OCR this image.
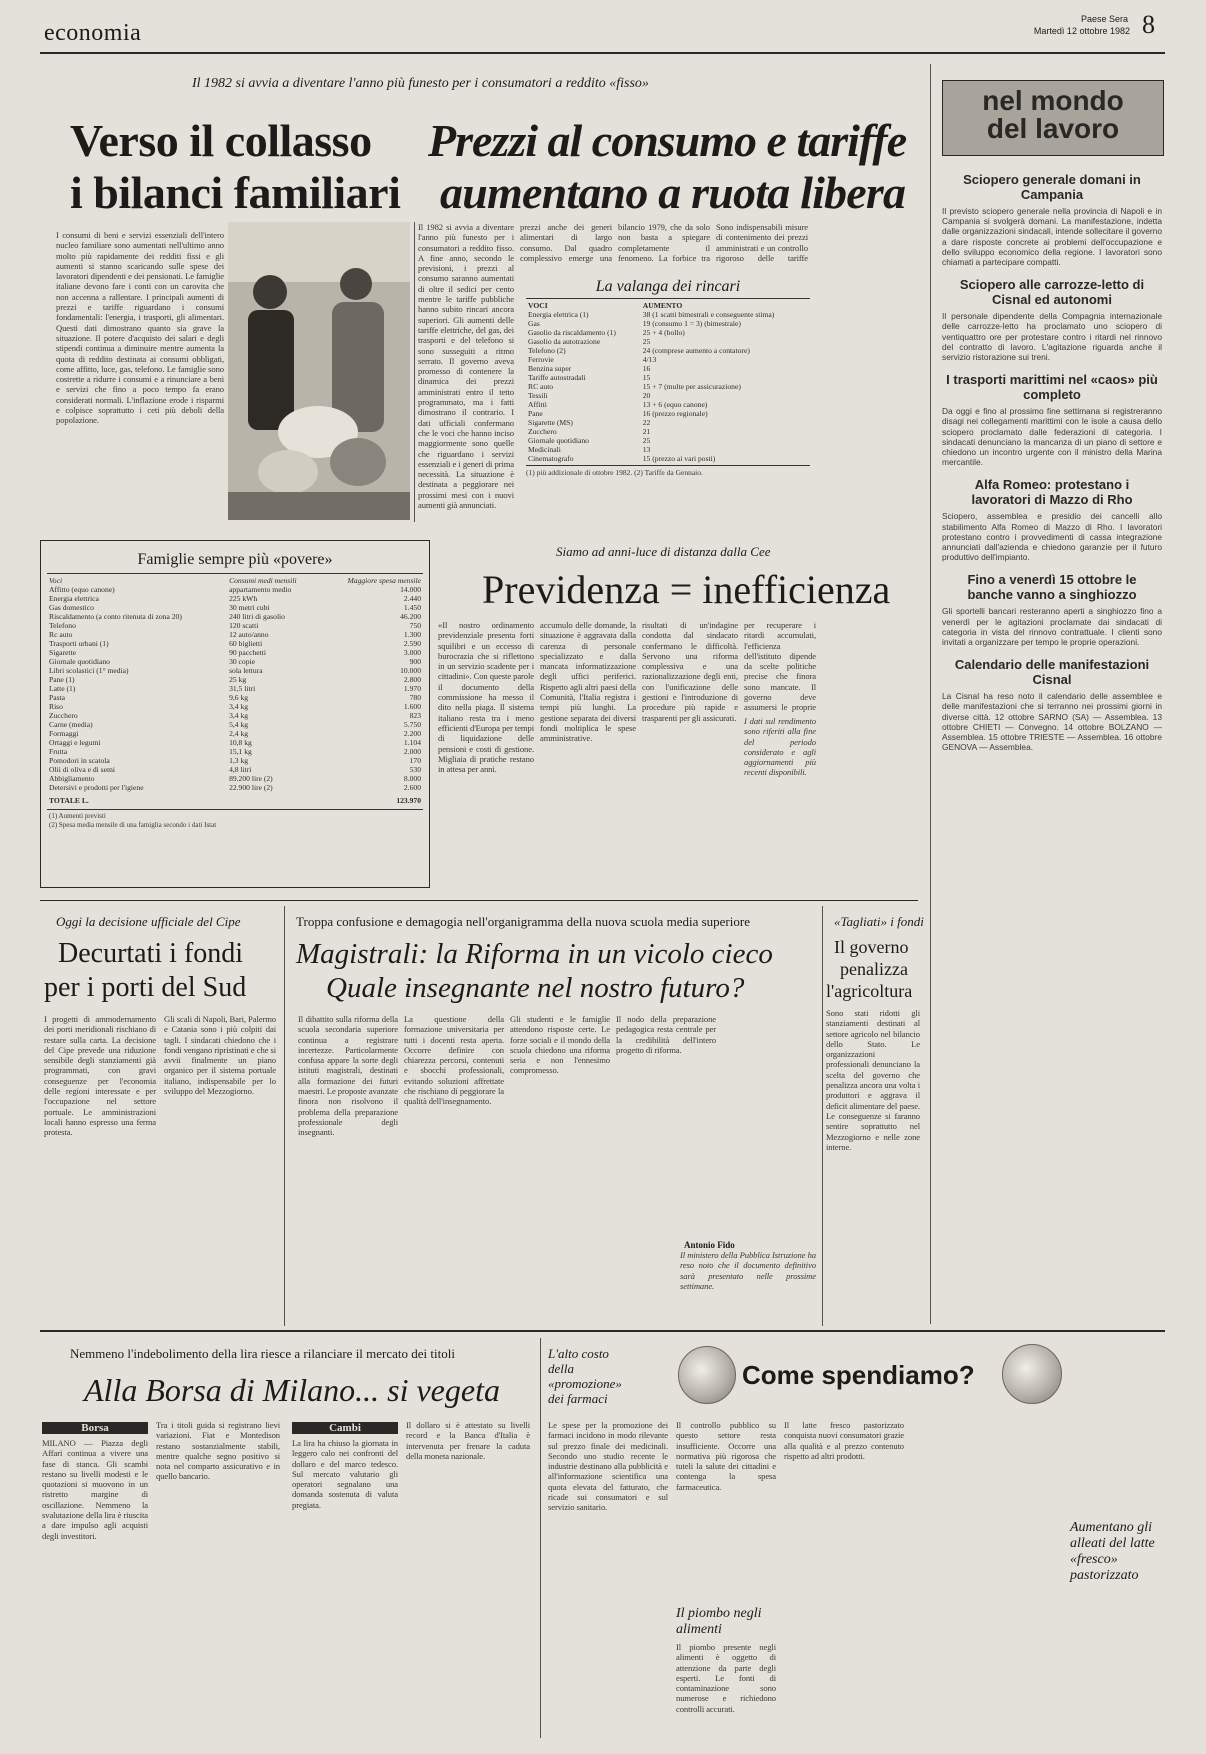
economia
Paese Sera
Martedì 12 ottobre 1982 8
Il 1982 si avvia a diventare l'anno più funesto per i consumatori a reddito «fisso»
Verso il collasso
i bilanci familiari
Prezzi al consumo e tariffe
aumentano a ruota libera
I consumi di beni e servizi essenziali dell'intero nucleo familiare sono aumentati nell'ultimo anno molto più rapidamente dei redditi fissi e gli aumenti si stanno scaricando sulle spese dei lavoratori dipendenti e dei pensionati. Le famiglie italiane devono fare i conti con un carovita che non accenna a rallentare. I principali aumenti di prezzi e tariffe riguardano i consumi fondamentali: l'energia, i trasporti, gli alimentari. Questi dati dimostrano quanto sia grave la situazione. Il potere d'acquisto dei salari e degli stipendi continua a diminuire mentre aumenta la quota di reddito destinata ai consumi obbligati, come affitto, luce, gas, telefono. Le famiglie sono costrette a ridurre i consumi e a rinunciare a beni e servizi che fino a poco tempo fa erano considerati normali. L'inflazione erode i risparmi e colpisce soprattutto i ceti più deboli della popolazione.
Il 1982 si avvia a diventare l'anno più funesto per i consumatori a reddito fisso. A fine anno, secondo le previsioni, i prezzi al consumo saranno aumentati di oltre il sedici per cento mentre le tariffe pubbliche hanno subito rincari ancora superiori. Gli aumenti delle tariffe elettriche, del gas, dei trasporti e del telefono si sono susseguiti a ritmo serrato. Il governo aveva promesso di contenere la dinamica dei prezzi amministrati entro il tetto programmato, ma i fatti dimostrano il contrario. I dati ufficiali confermano che le voci che hanno inciso maggiormente sono quelle che riguardano i servizi essenziali e i generi di prima necessità. La situazione è destinata a peggiorare nei prossimi mesi con i nuovi aumenti già annunciati.
prezzi anche dei generi alimentari di largo consumo. Dal quadro complessivo emerge una
bilancio 1979, che da solo non basta a spiegare completamente il fenomeno. La forbice tra
Sono indispensabili misure di contenimento dei prezzi amministrati e un controllo rigoroso delle tariffe
La valanga dei rincari
VOCI	AUMENTO
Energia elettrica (1)	38 (1 scatti bimestrali e conseguente stima)
Gas	19 (consumo 1 = 3) (bimestrale)
Gasolio da riscaldamento (1)	25 + 4 (bollo)
Gasolio da autotrazione	25
Telefono (2)	24 (comprese aumento a contatore)
Ferrovie	4/13
Benzina super	16
Tariffe autostradali	15
RC auto	15 + 7 (multe per assicurazione)
Tessili	20
Affitti	13 + 6 (equo canone)
Pane	16 (prezzo regionale)
Sigarette (MS)	22
Zucchero	21
Giornale quotidiano	25
Medicinali	13
Cinematografo	15 (prezzo ai vari posti)
(1) più addizionale di ottobre 1982. (2) Tariffe da Gennaio.
Famiglie sempre più «povere»
Voci	Consumi medi mensili	Maggiore spesa mensile
Affitto (equo canone)	appartamento medio	14.000
Energia elettrica	225 kWh	2.440
Gas domestico	30 metri cubi	1.450
Riscaldamento (a conto ritenuta di zona 20)	240 litri di gasolio	46.200
Telefono	120 scatti	750
Rc auto	12 auto/anno	1.300
Trasporti urbani (1)	60 biglietti	2.590
Sigarette	90 pacchetti	3.000
Giornale quotidiano	30 copie	900
Libri scolastici (1° media)	sola lettura	10.000
Pane (1)	25 kg	2.800
Latte (1)	31,5 litri	1.970
Pasta	9,6 kg	780
Riso	3,4 kg	1.600
Zucchero	3,4 kg	823
Carne (media)	5,4 kg	5.750
Formaggi	2,4 kg	2.200
Ortaggi e legumi	10,8 kg	1.104
Frutta	15,1 kg	2.000
Pomodori in scatola	1,3 kg	170
Olii di oliva e di semi	4,8 litri	530
Abbigliamento	89.200 lire (2)	8.000
Detersivi e prodotti per l'igiene	22.900 lire (2)	2.600
TOTALE L.		123.970
(1) Aumenti previsti
(2) Spesa media mensile di una famiglia secondo i dati Istat
Siamo ad anni-luce di distanza dalla Cee
Previdenza = inefficienza
«Il nostro ordinamento previdenziale presenta forti squilibri e un eccesso di burocrazia che si riflettono in un servizio scadente per i cittadini». Con queste parole il documento della commissione ha messo il dito nella piaga. Il sistema italiano resta tra i meno efficienti d'Europa per tempi di liquidazione delle pensioni e costi di gestione. Migliaia di pratiche restano in attesa per anni.
accumulo delle domande, la situazione è aggravata dalla carenza di personale specializzato e dalla mancata informatizzazione degli uffici periferici. Rispetto agli altri paesi della Comunità, l'Italia registra i tempi più lunghi. La gestione separata dei diversi fondi moltiplica le spese amministrative.
risultati di un'indagine condotta dal sindacato confermano le difficoltà. Servono una riforma complessiva e una razionalizzazione degli enti, con l'unificazione delle gestioni e l'introduzione di procedure più rapide e trasparenti per gli assicurati.
per recuperare i ritardi accumulati, l'efficienza dell'istituto dipende da scelte politiche precise che finora sono mancate. Il governo deve assumersi le proprie
I dati sul rendimento sono riferiti alla fine del periodo considerato e agli aggiornamenti più recenti disponibili.
Oggi la decisione ufficiale del Cipe
Decurtati i fondi
per i porti del Sud
I progetti di ammodernamento dei porti meridionali rischiano di restare sulla carta. La decisione del Cipe prevede una riduzione sensibile degli stanziamenti già programmati, con gravi conseguenze per l'economia delle regioni interessate e per l'occupazione nel settore portuale. Le amministrazioni locali hanno espresso una ferma protesta.
Gli scali di Napoli, Bari, Palermo e Catania sono i più colpiti dai tagli. I sindacati chiedono che i fondi vengano ripristinati e che si avvii finalmente un piano organico per il sistema portuale italiano, indispensabile per lo sviluppo del Mezzogiorno.
Troppa confusione e demagogia nell'organigramma della nuova scuola media superiore
Magistrali: la Riforma in un vicolo cieco
Quale insegnante nel nostro futuro?
Il dibattito sulla riforma della scuola secondaria superiore continua a registrare incertezze. Particolarmente confusa appare la sorte degli istituti magistrali, destinati alla formazione dei futuri maestri. Le proposte avanzate finora non risolvono il problema della preparazione professionale degli insegnanti.
La questione della formazione universitaria per tutti i docenti resta aperta. Occorre definire con chiarezza percorsi, contenuti e sbocchi professionali, evitando soluzioni affrettate che rischiano di peggiorare la qualità dell'insegnamento.
Gli studenti e le famiglie attendono risposte certe. Le forze sociali e il mondo della scuola chiedono una riforma seria e non l'ennesimo compromesso.
Il nodo della preparazione pedagogica resta centrale per la credibilità dell'intero progetto di riforma.
Antonio Fido
Il ministero della Pubblica Istruzione ha reso noto che il documento definitivo sarà presentato nelle prossime settimane.
«Tagliati» i fondi
Il governo
penalizza
l'agricoltura
Sono stati ridotti gli stanziamenti destinati al settore agricolo nel bilancio dello Stato. Le organizzazioni professionali denunciano la scelta del governo che penalizza ancora una volta i produttori e aggrava il deficit alimentare del paese. Le conseguenze si faranno sentire soprattutto nel Mezzogiorno e nelle zone interne.
Nemmeno l'indebolimento della lira riesce a rilanciare il mercato dei titoli
Alla Borsa di Milano... si vegeta
Borsa	Cambi
MILANO — Piazza degli Affari continua a vivere una fase di stanca. Gli scambi restano su livelli modesti e le quotazioni si muovono in un ristretto margine di oscillazione. Nemmeno la svalutazione della lira è riuscita a dare impulso agli acquisti degli investitori.
Tra i titoli guida si registrano lievi variazioni. Fiat e Montedison restano sostanzialmente stabili, mentre qualche segno positivo si nota nel comparto assicurativo e in quello bancario.
La lira ha chiuso la giornata in leggero calo nei confronti del dollaro e del marco tedesco. Sul mercato valutario gli operatori segnalano una domanda sostenuta di valuta pregiata.
Il dollaro si è attestato su livelli record e la Banca d'Italia è intervenuta per frenare la caduta della moneta nazionale.
L'alto costo della «promozione» dei farmaci
Come spendiamo?
Le spese per la promozione dei farmaci incidono in modo rilevante sul prezzo finale dei medicinali. Secondo uno studio recente le industrie destinano alla pubblicità e all'informazione scientifica una quota elevata del fatturato, che ricade sui consumatori e sul servizio sanitario.
Il controllo pubblico su questo settore resta insufficiente. Occorre una normativa più rigorosa che tuteli la salute dei cittadini e contenga la spesa farmaceutica.
Il piombo negli alimenti
Il piombo presente negli alimenti è oggetto di attenzione da parte degli esperti. Le fonti di contaminazione sono numerose e richiedono controlli accurati.
Il latte fresco pastorizzato conquista nuovi consumatori grazie alla qualità e al prezzo contenuto rispetto ad altri prodotti.
Aumentano gli alleati del latte «fresco» pastorizzato
nel mondo
del lavoro
Sciopero generale domani in Campania
Il previsto sciopero generale nella provincia di Napoli e in Campania si svolgerà domani. La manifestazione, indetta dalle organizzazioni sindacali, intende sollecitare il governo a dare risposte concrete ai problemi dell'occupazione e dello sviluppo economico della regione. I lavoratori sono chiamati a partecipare compatti.
Sciopero alle carrozze-letto di Cisnal ed autonomi
Il personale dipendente della Compagnia internazionale delle carrozze-letto ha proclamato uno sciopero di ventiquattro ore per protestare contro i ritardi nel rinnovo del contratto di lavoro. L'agitazione riguarda anche il servizio ristorazione sui treni.
I trasporti marittimi nel «caos» più completo
Da oggi e fino al prossimo fine settimana si registreranno disagi nei collegamenti marittimi con le isole a causa dello sciopero proclamato dalle federazioni di categoria. I sindacati denunciano la mancanza di un piano di settore e chiedono un incontro urgente con il ministro della Marina mercantile.
Alfa Romeo: protestano i lavoratori di Mazzo di Rho
Sciopero, assemblea e presidio dei cancelli allo stabilimento Alfa Romeo di Mazzo di Rho. I lavoratori protestano contro i provvedimenti di cassa integrazione annunciati dall'azienda e chiedono garanzie per il futuro produttivo dell'impianto.
Fino a venerdì 15 ottobre le banche vanno a singhiozzo
Gli sportelli bancari resteranno aperti a singhiozzo fino a venerdì per le agitazioni proclamate dai sindacati di categoria in vista del rinnovo contrattuale. I clienti sono invitati a organizzare per tempo le proprie operazioni.
Calendario delle manifestazioni Cisnal
La Cisnal ha reso noto il calendario delle assemblee e delle manifestazioni che si terranno nei prossimi giorni in diverse città. 12 ottobre SARNO (SA) — Assemblea. 13 ottobre CHIETI — Convegno. 14 ottobre BOLZANO — Assemblea. 15 ottobre TRIESTE — Assemblea. 16 ottobre GENOVA — Assemblea.
